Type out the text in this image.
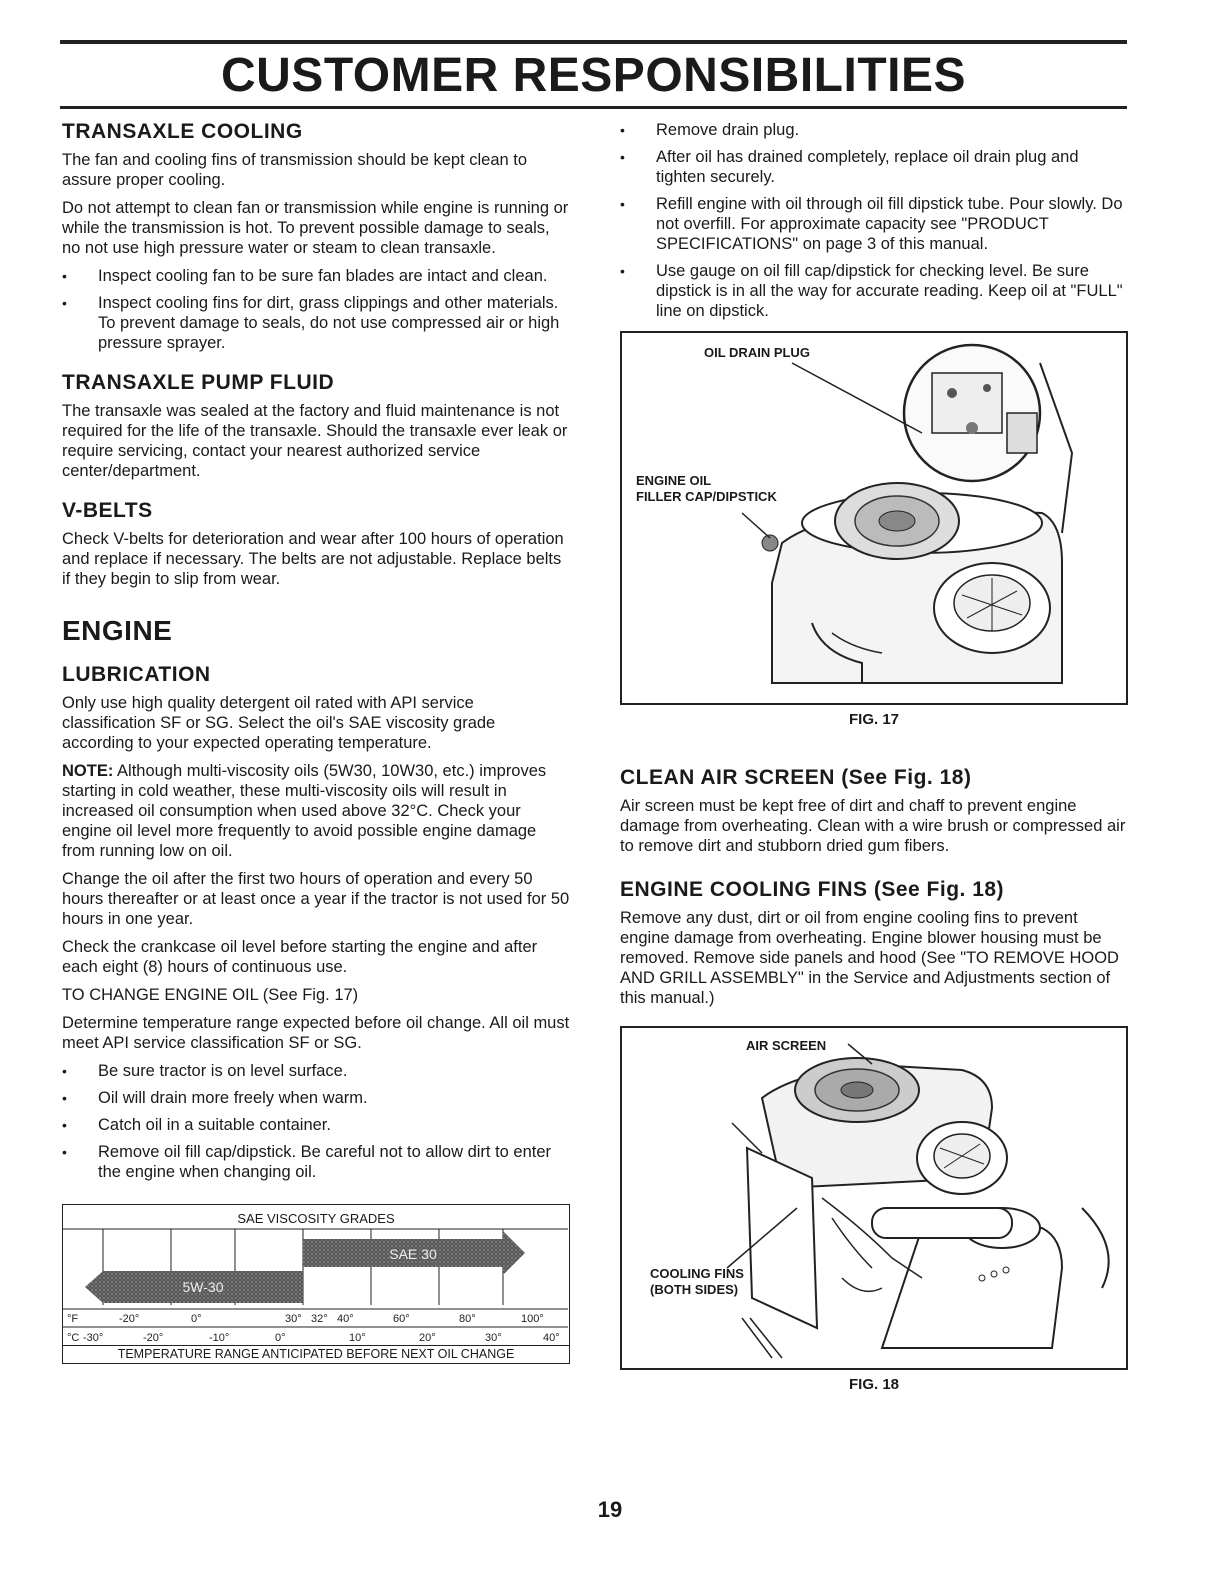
CUSTOMER RESPONSIBILITIES
TRANSAXLE COOLING

The fan and cooling fins of transmission should be kept clean to assure proper cooling.

Do not attempt to clean fan or transmission while engine is running or while the transmission is hot. To prevent possible damage to seals, no not use high pressure water or steam to clean transaxle.

• Inspect cooling fan to be sure fan blades are intact and clean.
• Inspect cooling fins for dirt, grass clippings and other materials. To prevent damage to seals, do not use compressed air or high pressure sprayer.
TRANSAXLE PUMP FLUID

The transaxle was sealed at the factory and fluid maintenance is not required for the life of the transaxle. Should the transaxle ever leak or require servicing, contact your nearest authorized service center/department.

V-BELTS

Check V-belts for deterioration and wear after 100 hours of operation and replace if necessary. The belts are not adjustable. Replace belts if they begin to slip from wear.

ENGINE
LUBRICATION

Only use high quality detergent oil rated with API service classification SF or SG. Select the oil's SAE viscosity grade according to your expected operating temperature.

NOTE: Although multi-viscosity oils (5W30, 10W30, etc.) improves starting in cold weather, these multi-viscosity oils will result in increased oil consumption when used above 32°C. Check your engine oil level more frequently to avoid possible engine damage from running low on oil.

Change the oil after the first two hours of operation and every 50 hours thereafter or at least once a year if the tractor is not used for 50 hours in one year.

Check the crankcase oil level before starting the engine and after each eight (8) hours of continuous use.

TO CHANGE ENGINE OIL (See Fig. 17)

Determine temperature range expected before oil change. All oil must meet API service classification SF or SG.

• Be sure tractor is on level surface.
• Oil will drain more freely when warm.
• Catch oil in a suitable container.
• Remove oil fill cap/dipstick. Be careful not to allow dirt to enter the engine when changing oil.
SAE VISCOSITY GRADES
SAE 30
5W-30
°F	-20°	0°	30° 32° 40°	60°	80°	100°
°C -30°	-20°	-10°	0°	10°	20°	30°	40°
TEMPERATURE RANGE ANTICIPATED BEFORE NEXT OIL CHANGE
• Remove drain plug.
• After oil has drained completely, replace oil drain plug and tighten securely.
• Refill engine with oil through oil fill dipstick tube. Pour slowly. Do not overfill. For approximate capacity see "PRODUCT SPECIFICATIONS" on page 3 of this manual.
• Use gauge on oil fill cap/dipstick for checking level. Be sure dipstick is in all the way for accurate reading. Keep oil at "FULL" line on dipstick.
OIL DRAIN PLUG
ENGINE OIL
FILLER CAP/DIPSTICK
FIG. 17
CLEAN AIR SCREEN (See Fig. 18)

Air screen must be kept free of dirt and chaff to prevent engine damage from overheating. Clean with a wire brush or compressed air to remove dirt and stubborn dried gum fibers.

ENGINE COOLING FINS (See Fig. 18)

Remove any dust, dirt or oil from engine cooling fins to prevent engine damage from overheating. Engine blower housing must be removed. Remove side panels and hood (See "TO REMOVE HOOD AND GRILL ASSEMBLY" in the Service and Adjustments section of this manual.)

AIR SCREEN
COOLING FINS
(BOTH SIDES)
FIG. 18
19
